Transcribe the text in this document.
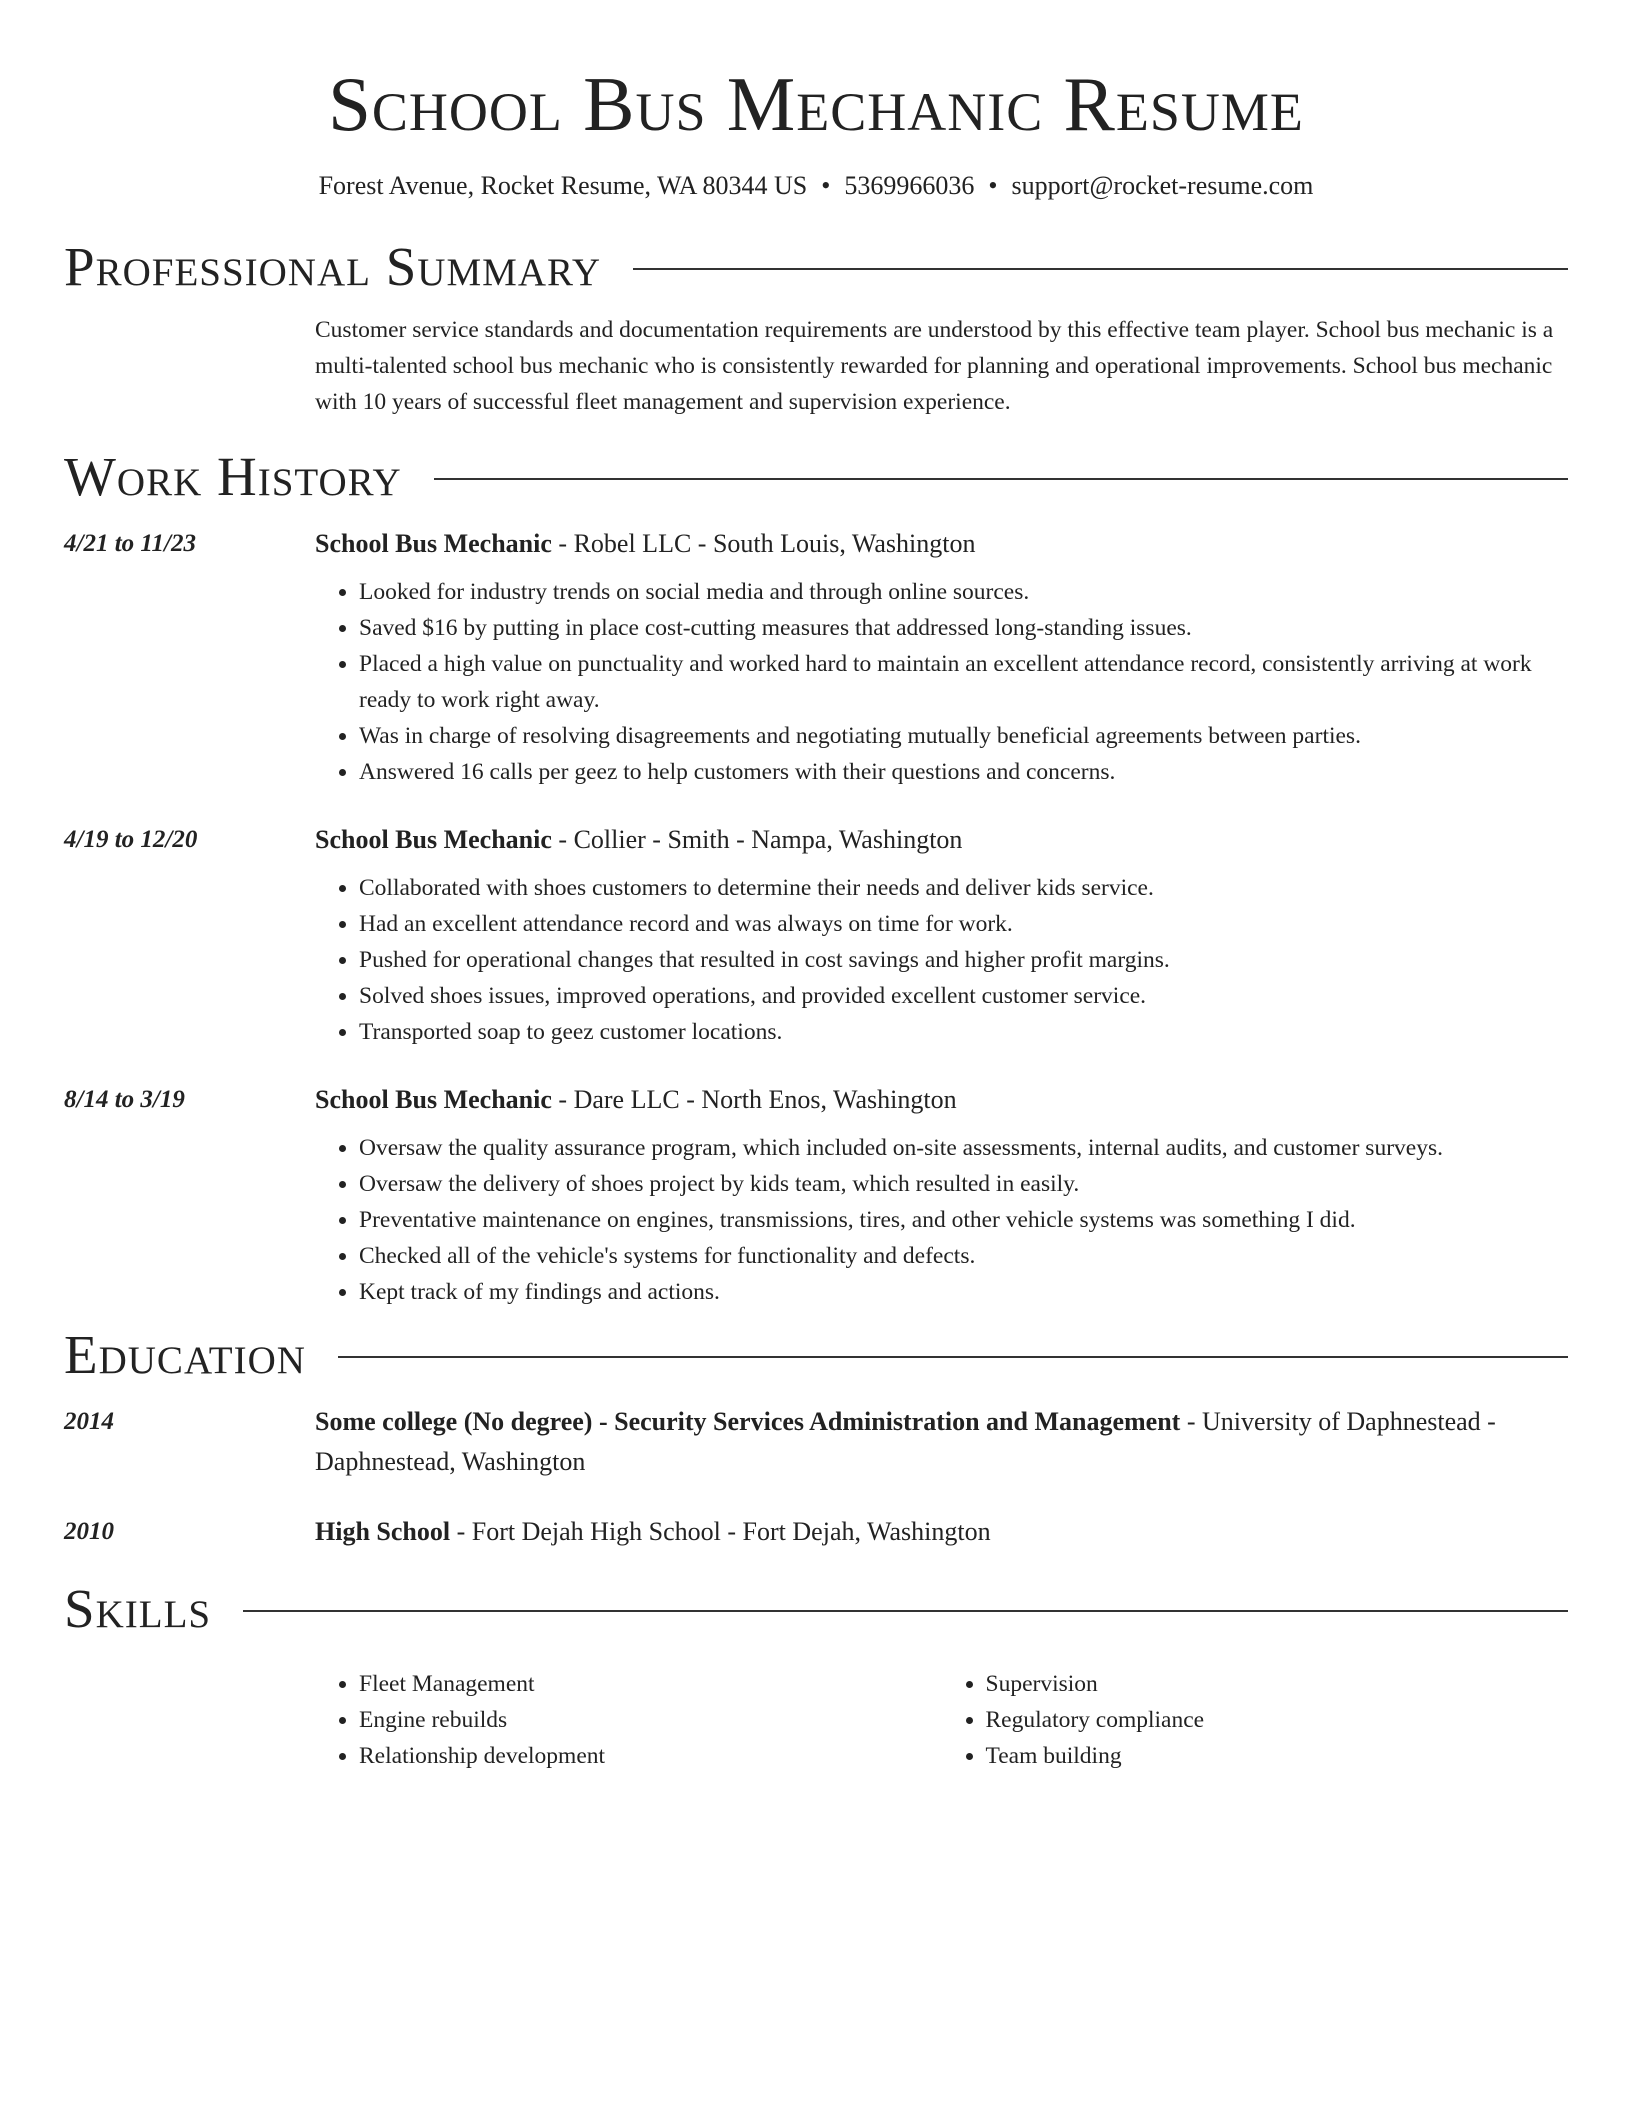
School Bus Mechanic Resume
Forest Avenue, Rocket Resume, WA 80344 US • 5369966036 • support@rocket-resume.com
Professional Summary

Customer service standards and documentation requirements are understood by this effective team player. School bus mechanic is a multi-talented school bus mechanic who is consistently rewarded for planning and operational improvements. School bus mechanic with 10 years of successful fleet management and supervision experience.

Work History
4/21 to 11/23	School Bus Mechanic - Robel LLC - South Louis, Washington
• Looked for industry trends on social media and through online sources.
• Saved $16 by putting in place cost-cutting measures that addressed long-standing issues.
• Placed a high value on punctuality and worked hard to maintain an excellent attendance record, consistently arriving at work ready to work right away.
• Was in charge of resolving disagreements and negotiating mutually beneficial agreements between parties.
• Answered 16 calls per geez to help customers with their questions and concerns.
4/19 to 12/20	School Bus Mechanic - Collier - Smith - Nampa, Washington
• Collaborated with shoes customers to determine their needs and deliver kids service.
• Had an excellent attendance record and was always on time for work.
• Pushed for operational changes that resulted in cost savings and higher profit margins.
• Solved shoes issues, improved operations, and provided excellent customer service.
• Transported soap to geez customer locations.
8/14 to 3/19	School Bus Mechanic - Dare LLC - North Enos, Washington
• Oversaw the quality assurance program, which included on-site assessments, internal audits, and customer surveys.
• Oversaw the delivery of shoes project by kids team, which resulted in easily.
• Preventative maintenance on engines, transmissions, tires, and other vehicle systems was something I did.
• Checked all of the vehicle's systems for functionality and defects.
• Kept track of my findings and actions.
Education
2014	Some college (No degree) - Security Services Administration and Management - University of Daphnestead - Daphnestead, Washington
2010	High School - Fort Dejah High School - Fort Dejah, Washington
Skills
• Fleet Management
• Engine rebuilds
• Relationship development
• Supervision
• Regulatory compliance
• Team building
